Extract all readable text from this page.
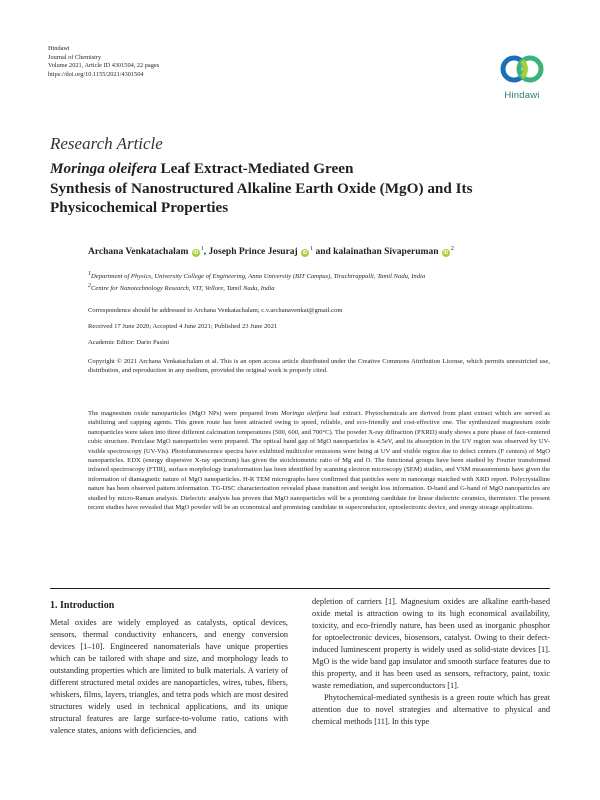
Hindawi
Journal of Chemistry
Volume 2021, Article ID 4301504, 22 pages
https://doi.org/10.1155/2021/4301504
Hindawi
Research Article
Moringa oleifera Leaf Extract-Mediated Green
Synthesis of Nanostructured Alkaline Earth Oxide (MgO) and Its
Physicochemical Properties
Archana Venkatachalam $iD^1$, Joseph Prince Jesuraj $iD^1$ and kalainathan Sivaperuman $iD^2$
$^1$Department of Physics, University College of Engineering, Anna University (BIT Campus), Tiruchirappalli, Tamil Nadu, India
$^2$Centre for Nanotechnology Research, VIT, Vellore, Tamil Nadu, India
Correspondence should be addressed to Archana Venkatachalam; c.v.archanavenkat@gmail.com
Received 17 June 2020; Accepted 4 June 2021; Published 23 June 2021
Academic Editor: Dario Pasini
Copyright © 2021 Archana Venkatachalam et al. This is an open access article distributed under the Creative Commons Attribution License, which permits unrestricted use, distribution, and reproduction in any medium, provided the original work is properly cited.
The magnesium oxide nanoparticles (MgO NPs) were prepared from Moringa oleifera leaf extract. Phytochemicals are derived from plant extract which are served as stabilizing and capping agents. This green route has been attracted owing to speed, reliable, and eco-friendly and cost-effective one. The synthesized magnesium oxide nanoparticles were taken into three different calcination temperatures (500, 600, and 700°C). The powder X-ray diffraction (PXRD) study shows a pure phase of face-centered cubic structure. Periclase MgO nanoparticles were prepared. The optical band gap of MgO nanoparticles is 4.5eV, and its absorption in the UV region was observed by UV-visible spectroscopy (UV-Vis). Photoluminescence spectra have exhibited multicolor emissions were being at UV and visible region due to defect centers (F centers) of MgO nanoparticles. EDX (energy dispersive X-ray spectrum) has given the stoichiometric ratio of Mg and O. The functional groups have been studied by Fourier transformed infrared spectroscopy (FTIR), surface morphology transformation has been identified by scanning electron microscopy (SEM) studies, and VSM measurements have given the information of diamagnetic nature of MgO nanoparticles. H-R TEM micrographs have confirmed that particles were in nanorange matched with XRD report. Polycrystalline nature has been observed pattern information. TG-DSC characterization revealed phase transition and weight loss information. D-band and G-band of MgO nanoparticles are studied by micro-Raman analysis. Dielectric analysis has proven that MgO nanoparticles will be a promising candidate for linear dielectric ceramics, thermistor. The present recent studies have revealed that MgO powder will be an economical and promising candidate in superconductor, optoelectronic device, and energy storage applications.
1. Introduction

Metal oxides are widely employed as catalysts, optical devices, sensors, thermal conductivity enhancers, and energy conversion devices [1–10]. Engineered nanomaterials have unique properties which can be tailored with shape and size, and morphology leads to outstanding properties which are limited to bulk materials. A variety of different structured metal oxides are nanoparticles, wires, tubes, fibers, whiskers, films, layers, triangles, and tetra pods which are most desired structures widely used in technical applications, and its unique structural features are large surface-to-volume ratio, cations with valence states, anions with deficiencies, and

depletion of carriers [1]. Magnesium oxides are alkaline earth-based oxide metal is attraction owing to its high economical availability, toxicity, and eco-friendly nature, has been used as inorganic phosphor for optoelectronic devices, biosensors, catalyst. Owing to their defect-induced luminescent property is widely used as solid-state devices [1]. MgO is the wide band gap insulator and smooth surface features due to this property, and it has been used as sensors, refractory, paint, toxic waste remediation, and superconductors [1].

Phytochemical-mediated synthesis is a green route which has great attention due to novel strategies and alternative to physical and chemical methods [11]. In this type
